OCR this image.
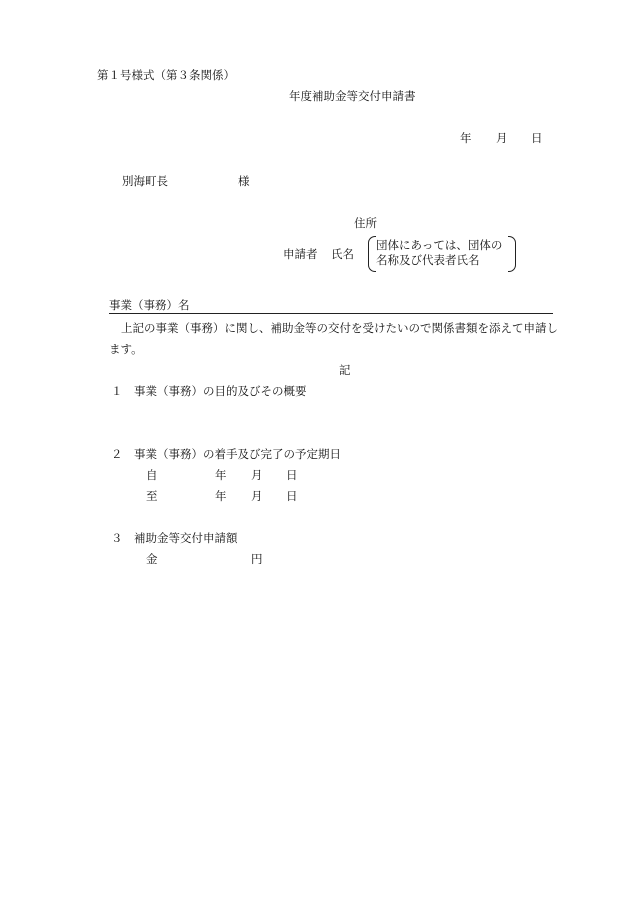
第１号様式（第３条関係）
年度補助金等交付申請書
年 月 日
別海町長	様
住所
申請者 氏名
団体にあっては、団体の
名称及び代表者氏名
事業（事務）名
上記の事業（事務）に関し、補助金等の交付を受けたいので関係書類を添えて申請し
ます。
記
１ 事業（事務）の目的及びその概要
２ 事業（事務）の着手及び完了の予定期日
自	年 月 日
至	年 月 日
３ 補助金等交付申請額
金	円
